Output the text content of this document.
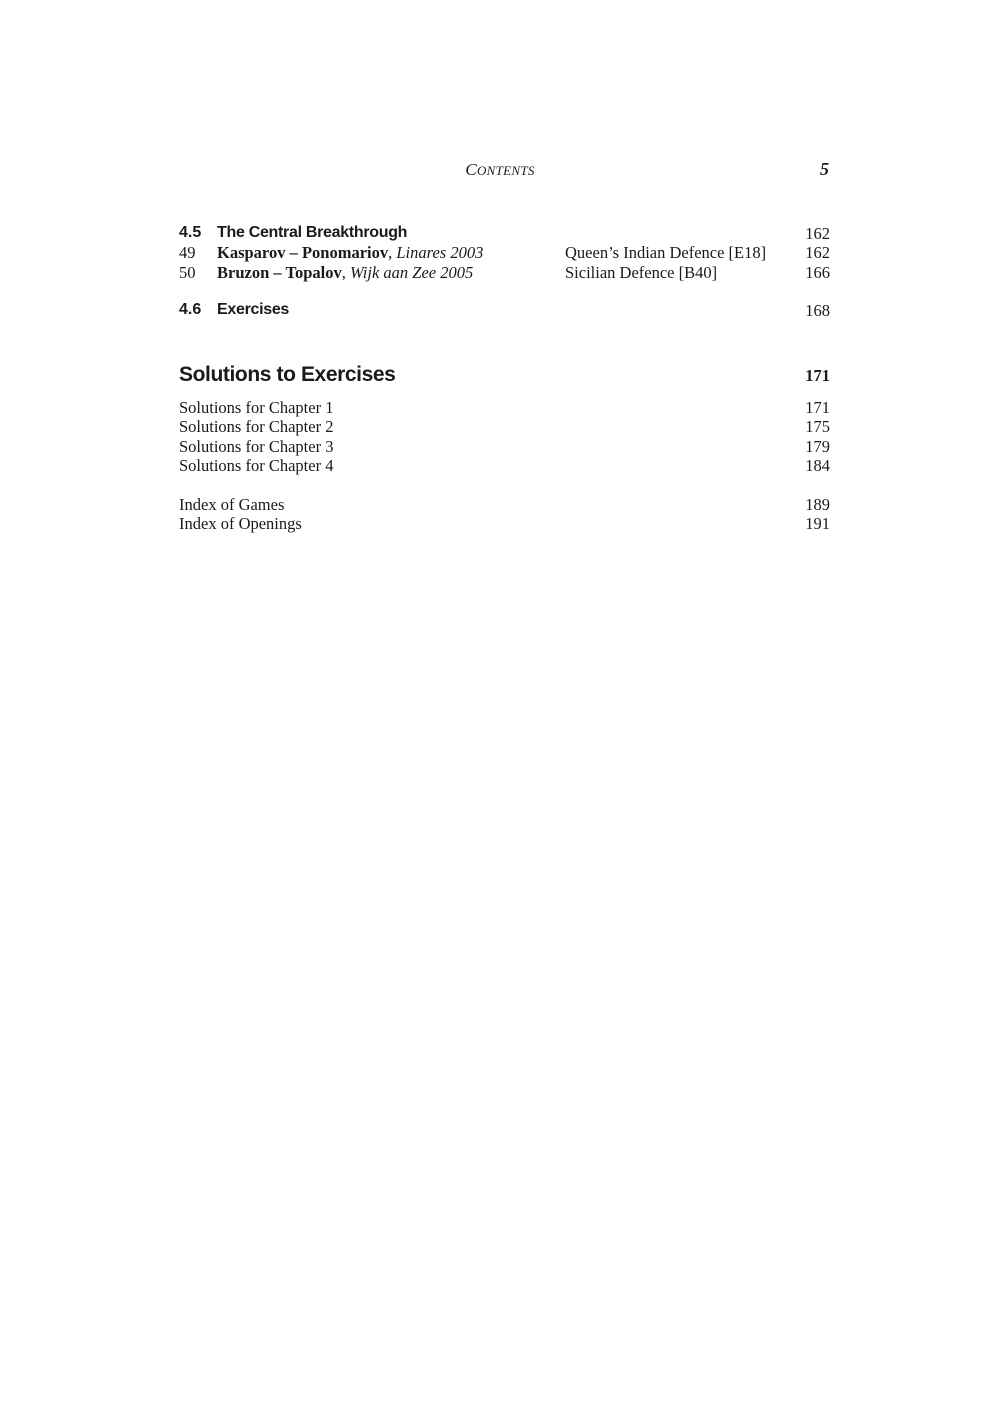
CONTENTS	5
4.5 The Central Breakthrough	162
49 Kasparov – Ponomariov, Linares 2003	Queen’s Indian Defence [E18] 162
50 Bruzon – Topalov, Wijk aan Zee 2005	Sicilian Defence [B40]	166
4.6 Exercises	168
Solutions to Exercises	171
Solutions for Chapter 1	171
Solutions for Chapter 2	175
Solutions for Chapter 3	179
Solutions for Chapter 4	184
Index of Games	189
Index of Openings	191
